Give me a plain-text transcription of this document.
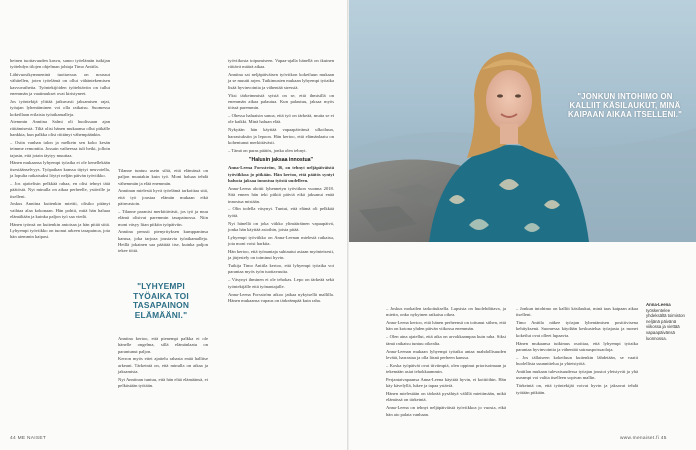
heinen tuottavuuden kasvu, sanoo työelämän tutkijan työtehdyn tilojen ohjelman johtaja Timo Anttila.

Lähivuosikymmeninä tuottavuus on noussut vähitellen, joten työelämä on ollut vähäntekemisen kasvuvaihetta. Työntekijöiden työtehtäviin on tullut enemmän ja vaatimukset ovat kiristyneet.

Jos työntekijä ylittää jatkuvasti jaksamisen rajat, työajan lyhentäminen voi olla ratkaisu. Suomessa kokeillaan erilaisia työaikamalleja.

Aiemmin Anniina Salmi oli huolissaan ajan riittämisestä. Tiliä olisi hänen mukaansa ollut pitkälle hankkia, kun palkka olisi riittänyt vähempäänkin.

– Ostin vanhan talon ja melkein sen koko kesän teimme remonttia. Jossain vaiheessa tuli hetki, jolloin tajusin, että jotain täytyy muuttaa.

Hänen mukaansa lyhyempi työaika ei ole kenellekään itsestäänselvyys. Työpaikan kanssa täytyi neuvotella, ja lopulta ratkaisuksi löytyi neljän päivän työviikko.

– Jos ajattelisin pelkkää rahaa, en olisi tehnyt tätä päätöstä. Nyt minulla on aikaa perheelle, ystäville ja itselleni.

Joskus Anniina kuitenkin miettii, olisiko pitänyt vaihtaa alaa kokonaan. Hän pohtii, mitä hän haluaa elämältään ja kuinka paljon työ saa viedä.

Hänen työnsä on kuitenkin antoisaa ja hän pitää siitä. Lyhyempi työviikko on tuonut arkeen tasapainoa, jota hän aiemmin kaipasi.

Tilanne tuntuu usein siltä, että elämässä on paljon muutakin kuin työ. Moni haluaa tehdä vähemmän ja elää enemmän.

Anniinan mielestä hyvä työelämä tarkoittaa sitä, että työ joustaa elämän mukaan eikä päinvastoin.

– Tilanne paranisi merkittävästi, jos työ ja muu elämä olisivat paremmin tasapainossa. Niin moni väsyy liian pitkiin työpäiviin.

Anniina perusti pienyrityksen kumppaninsa kanssa, joka tarjoaa joustavia työaikamalleja. Heillä jokainen saa päättää itse, kuinka paljon tekee töitä.

Anniina kertoo, että pienempi palkka ei ole hänelle ongelma, sillä elämänlaatu on parantunut paljon.

Kerron myös ettei ajattelu rahasta enää hallitse arkeani. Tärkeintä on, että minulla on aikaa ja jaksamista.

Nyt Anniinan tuntuu, että hän elää elämäänsä, ei pelkästään työtään.

työviikosta toipumiseen. Vapaa-ajalla hänellä on ikuinen riittävä määrä aikaa.

Anniina sai neljäpäiväisen työviikon kokeiluun mukaan ja se muutti arjen. Tutkimusten mukaan lyhyempi työaika lisää hyvinvointia ja vähentää stressiä.

Yksi tärkeimmistä syistä on se, että ihmisillä on enemmän aikaa palautua. Kun palautuu, jaksaa myös töissä paremmin.

– Ohessa haluaisin sanoa, että työ on tärkeää, mutta se ei ole kaikki. Minä haluan elää.

Nykyään hän käyttää vapaapäivänsä ulkoiluun, harrastuksiin ja lepoon. Hän kertoo, että elämänlaatu on kohentunut merkittävästi.

– Tämä on paras päätös, jonka olen tehnyt.

"Halusin jaksaa innostua"

Anna-Leena Forsström, 36, on tehnyt neljäpäiväistä työviikkoa jo pitkään. Hän kertoo, että päätös syntyi halusta jaksaa innostua työstä uudelleen.

Anna-Leena aloitti lyhennetyn työviikon vuonna 2018. Sitä ennen hän teki pitkiä päiviä eikä jaksanut enää innostua mistään.

– Olin todella väsynyt. Tuntui, että elämä oli pelkkää työtä.

Nyt hänellä on joka viikko ylimääräinen vapaapäivä, jonka hän käyttää asioihin, joista pitää.

Lyhyempi työviikko on Anna-Leenan mielestä ratkaisu, jota moni voisi harkita.

Hän kertoo, että työnantaja suhtautui asiaan myönteisesti, ja järjestely on toiminut hyvin.

Tutkija Timo Anttila kertoo, että lyhyempi työaika voi parantaa myös työn tuottavuutta.

– Väsynyt ihminen ei ole tehokas. Lepo on tärkeää sekä työntekijälle että työnantajalle.

Anna-Leena Forsström aikoo jatkaa nykyisellä mallilla. Hänen mukaansa vapaus on tärkeämpää kuin raha.

"LYHYEMPI TYÖAIKA TOI TASAPAINON ELÄMÄÄNI."
44 ME NAISET
"JONKUN INTOHIMO ON KALLIIT KÄSILAUKUT, MINÄ KAIPAAN AIKAA ITSELLENI."

– Joskus mokailen tarkoituksella. Lapsista on huolehdittava, ja mietin, onko nykyinen ratkaisu oikea.

Anna-Leena kertoo, että hänen perheensä on tottunut siihen, että hän on kotona yhden päivän viikossa enemmän.

– Olen aina ajatellut, että aika on arvokkaampaa kuin raha. Siksi tämä ratkaisu tuntuu oikealta.

Anna-Leenan mukaan lyhyempi työaika antaa mahdollisuuden levätä, harrastaa ja olla läsnä perheen kanssa.

– Koska työpäivät ovat tiiviimpiä, olen oppinut priorisoimaan ja tekemään asiat tehokkaammin.

Perjantaivapaansa Anna-Leena käyttää hyvin, ei kotitöihin. Hän käy kävelyllä, lukee ja tapaa ystäviä.

Hänen mielestään on tärkeää pysähtyä välillä miettimään, mikä elämässä on tärkeintä.

Anna-Leena on tehnyt neljäpäiväistä työviikkoa jo vuosia, eikä hän aio palata vanhaan.

– Jonkun intohimo on kalliit käsilaukut, minä taas kaipaan aikaa itselleni.

Timo Anttila näkee työajan lyhentämisen positiivisena kehityksenä. Suomessa käydään keskustelua työajasta ja monet kokeilut ovat olleet lupaavia.

Hänen mukaansa tutkimus osoittaa, että lyhyempi työaika parantaa hyvinvointia ja vähentää sairauspoissaoloja.

– Jos tällaiseen kokeiluun kuitenkin lähdetään, se vaatii huolellista suunnittelua ja yhteistyötä.

Anttilan mukaan tulevaisuudessa työajan joustot yleistyvät ja yhä useampi voi valita itselleen sopivan mallin.

Tärkeintä on, että työntekijät voivat hyvin ja jaksavat tehdä työtään pitkään.

Anna-Leena
työskentelee yhdeksältä toimiston neljänä päivänä viikossa ja viettää vapaapäivänsä luonnossa.
www.menaiset.fi 45
